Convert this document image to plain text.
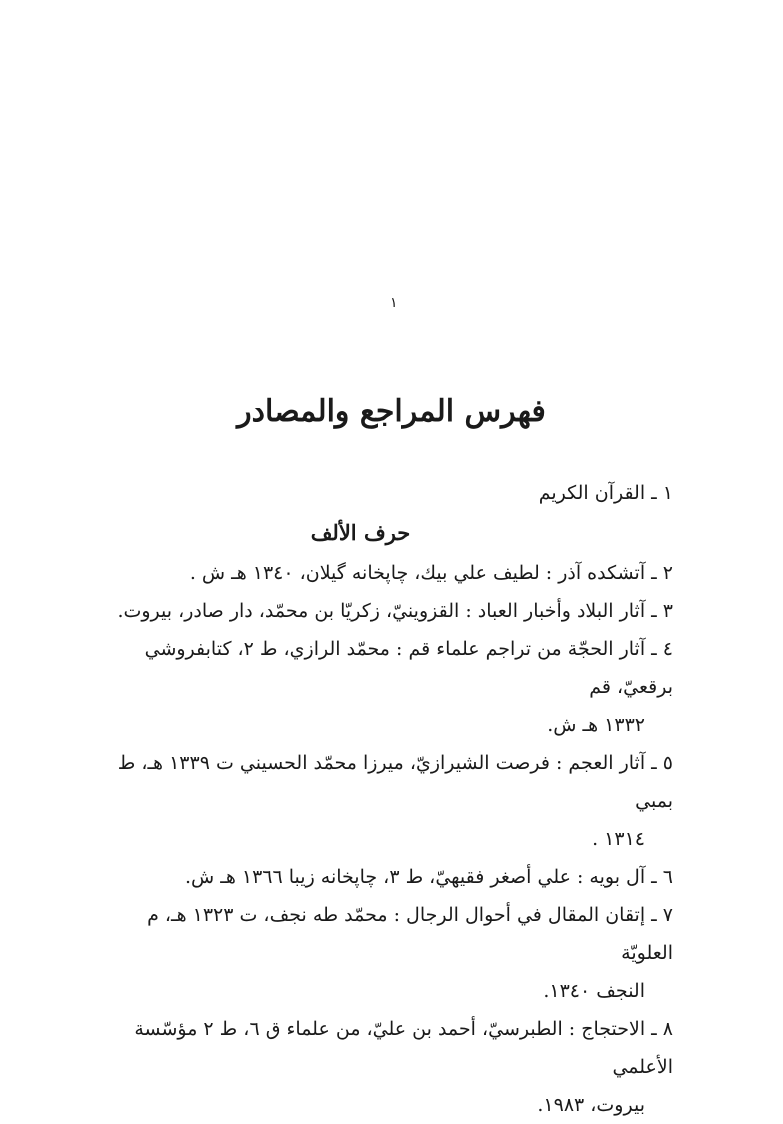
١
فهرس المراجع والمصادر

١ ـ القرآن الكريم

حرف الألف

٢ ـ آتشكده آذر : لطيف علي بيك، چاپخانه گيلان، ١٣٤٠ هـ ش .

٣ ـ آثار البلاد وأخبار العباد : القزوينيّ، زكريّا بن محمّد، دار صادر، بيروت.

٤ ـ آثار الحجّة من تراجم علماء قم : محمّد الرازي، ط ٢، كتابفروشي برقعيّ، قم
١٣٣٢ هـ ش.

٥ ـ آثار العجم : فرصت الشيرازيّ، ميرزا محمّد الحسيني ت ١٣٣٩ هـ، ط بمبي
١٣١٤ .

٦ ـ آل بويه : علي أصغر فقيهيّ، ط ٣، چاپخانه زيبا ١٣٦٦ هـ ش.

٧ ـ إتقان المقال في أحوال الرجال : محمّد طه نجف، ت ١٣٢٣ هـ، م العلويّة
النجف ١٣٤٠.

٨ ـ الاحتجاج : الطبرسيّ، أحمد بن عليّ، من علماء ق ٦، ط ٢ مؤسّسة الأعلمي
بيروت، ١٩٨٣.
